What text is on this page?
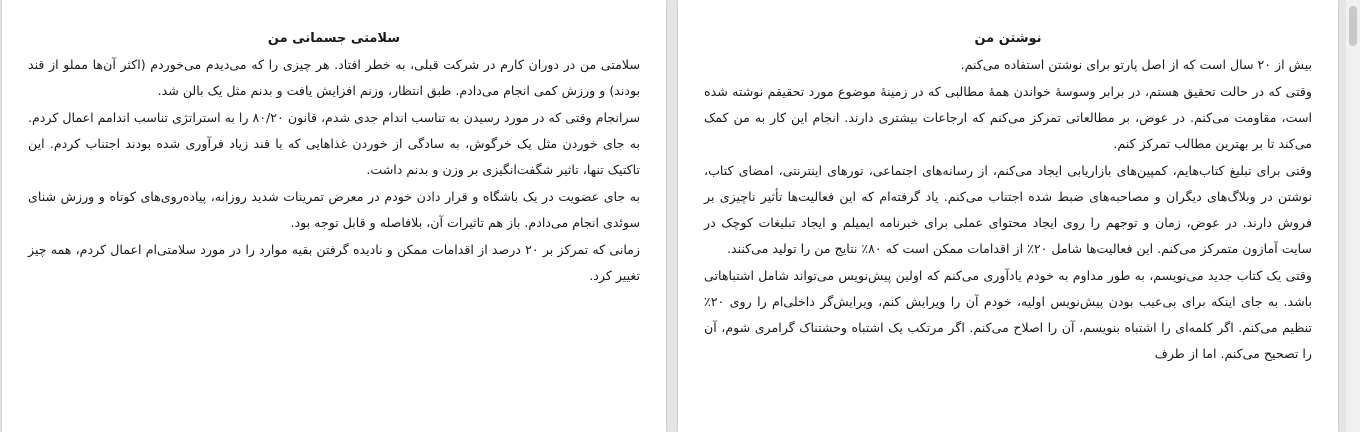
سلامتی جسمانی من
سلامتی من در دوران کارم در شرکت قبلی، به خطر افتاد. هر چیزی را که می‌دیدم می‌خوردم (اکثر آن‌ها مملو از قند بودند) و ورزش کمی انجام می‌دادم. طبق انتظار، وزنم افزایش یافت و بدنم مثل یک بالن شد.
سرانجام وقتی که در مورد رسیدن به تناسب اندام جدی شدم، قانون ۸۰/۲۰ را به استراتژی تناسب اندامم اعمال کردم. به جای خوردن مثل یک خرگوش، به سادگی از خوردن غذاهایی که با قند زیاد فرآوری شده بودند اجتناب کردم. این تاکتیک تنها، تاثیر شگفت‌انگیزی بر وزن و بدنم داشت.
به جای عضویت در یک باشگاه و قرار دادن خودم در معرض تمرینات شدید روزانه، پیاده‌روی‌های کوتاه و ورزش شنای سوئدی انجام می‌دادم. باز هم تاثیرات آن، بلافاصله و قابل توجه بود.
زمانی که تمرکز بر ۲۰ درصد از اقدامات ممکن و نادیده گرفتن بقیه موارد را در مورد سلامتی‌ام اعمال کردم، همه چیز تغییر کرد.
نوشتن من
بیش از ۲۰ سال است که از اصل پارتو برای نوشتن استفاده می‌کنم.
وقتی که در حالت تحقیق هستم، در برابر وسوسهٔ خواندن همهٔ مطالبی که در زمینهٔ موضوع مورد تحقیقم نوشته شده است، مقاومت می‌کنم. در عوض، بر مطالعاتی تمرکز می‌کنم که ارجاعات بیشتری دارند. انجام این کار به من کمک می‌کند تا بر بهترین مطالب تمرکز کنم.
وقتی برای تبلیغ کتاب‌هایم، کمپین‌های بازاریابی ایجاد می‌کنم، از رسانه‌های اجتماعی، تورهای اینترنتی، امضای کتاب، نوشتن در وبلاگ‌های دیگران و مصاحبه‌های ضبط شده اجتناب می‌کنم. یاد گرفته‌ام که این فعالیت‌ها تأثیر ناچیزی بر فروش دارند. در عوض، زمان و توجهم را روی ایجاد محتوای عملی برای خبرنامه ایمیلم و ایجاد تبلیغات کوچک در سایت آمازون متمرکز می‌کنم. این فعالیت‌ها شامل ۲۰٪ از اقدامات ممکن است که ۸۰٪ نتایج من را تولید می‌کنند.
وقتی یک کتاب جدید می‌نویسم، به طور مداوم به خودم یادآوری می‌کنم که اولین پیش‌نویس می‌تواند شامل اشتباهاتی باشد. به جای اینکه برای بی‌عیب بودن پیش‌نویس اولیه، خودم آن را ویرایش کنم، ویرایش‌گر داخلی‌ام را روی ۲۰٪ تنظیم می‌کنم. اگر کلمه‌ای را اشتباه بنویسم، آن را اصلاح می‌کنم. اگر مرتکب یک اشتباه وحشتناک گرامری شوم، آن را تصحیح می‌کنم. اما از طرف
